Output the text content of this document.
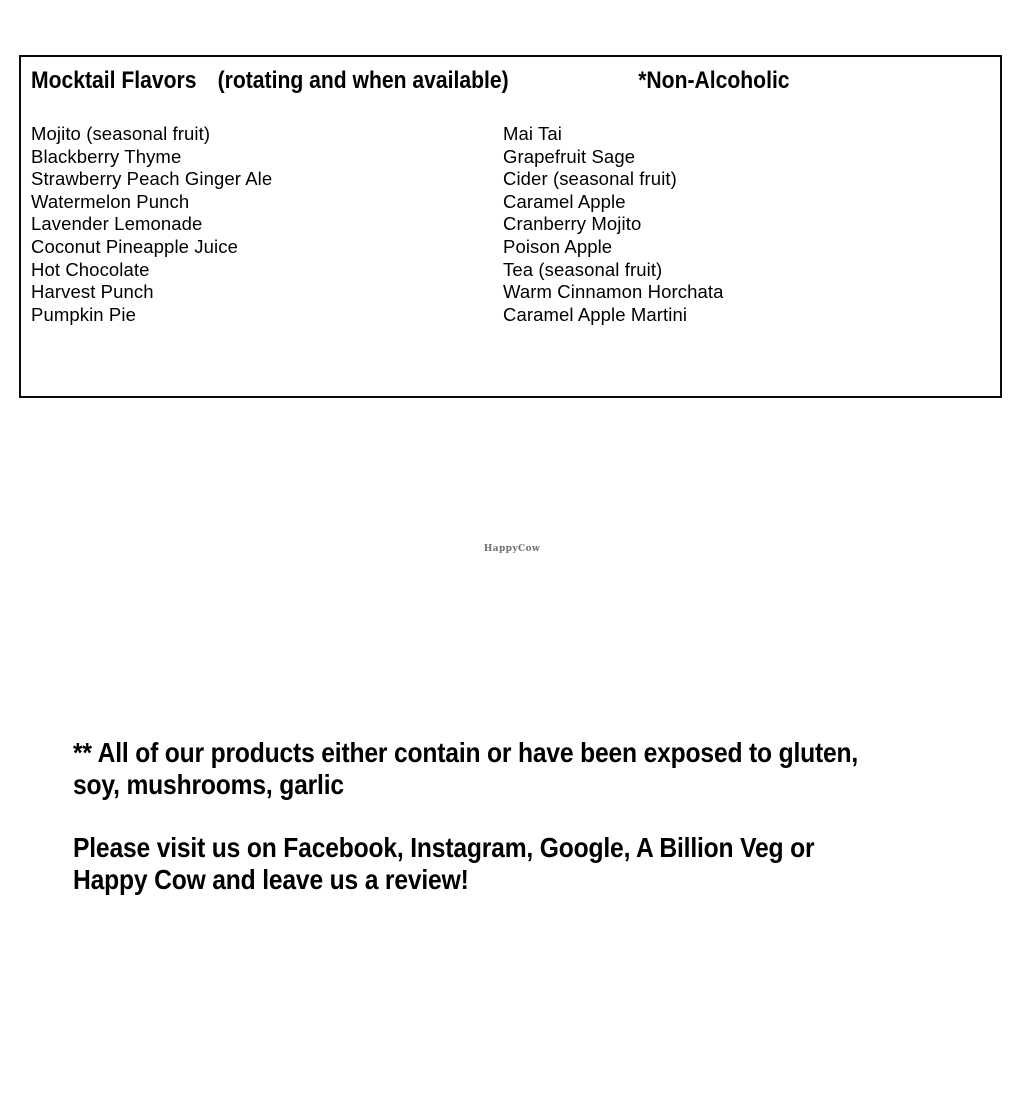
Mocktail Flavors (rotating and when available)	*Non-Alcoholic
Mojito (seasonal fruit)
Blackberry Thyme
Strawberry Peach Ginger Ale
Watermelon Punch
Lavender Lemonade
Coconut Pineapple Juice
Hot Chocolate
Harvest Punch
Pumpkin Pie
Mai Tai
Grapefruit Sage
Cider (seasonal fruit)
Caramel Apple
Cranberry Mojito
Poison Apple
Tea (seasonal fruit)
Warm Cinnamon Horchata
Caramel Apple Martini
HappyCow
** All of our products either contain or have been exposed to gluten,
soy, mushrooms, garlic
Please visit us on Facebook, Instagram, Google, A Billion Veg or
Happy Cow and leave us a review!
